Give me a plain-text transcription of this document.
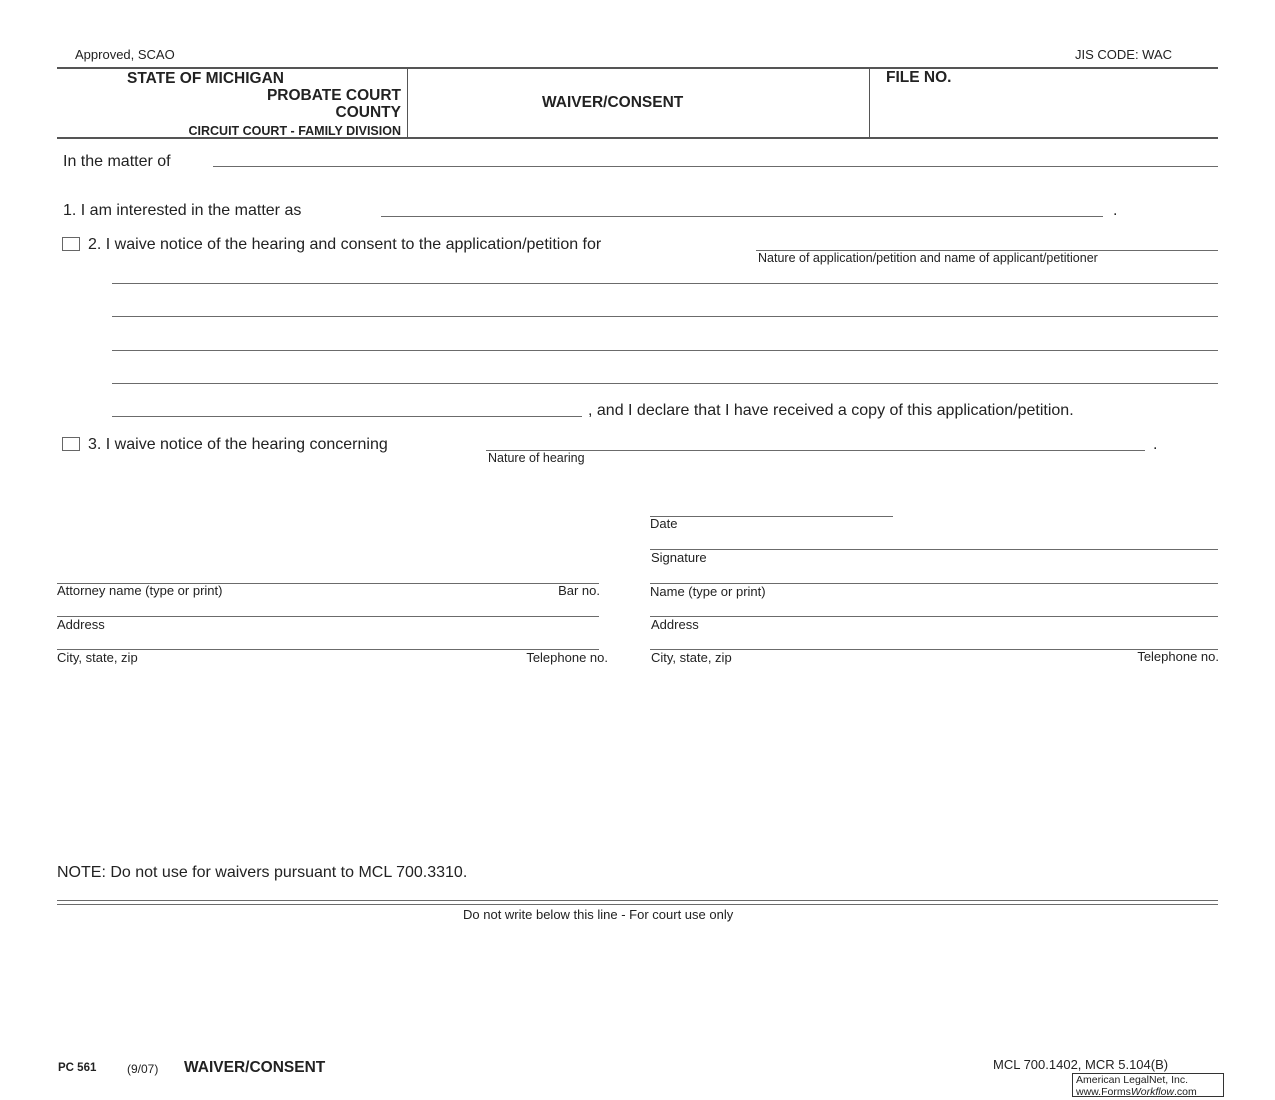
Approved, SCAO	JIS CODE: WAC
STATE OF MICHIGAN
PROBATE COURT
COUNTY
CIRCUIT COURT - FAMILY DIVISION
WAIVER/CONSENT
FILE NO.
In the matter of
1. I am interested in the matter as	.
2. I waive notice of the hearing and consent to the application/petition for
Nature of application/petition and name of applicant/petitioner
, and I declare that I have received a copy of this application/petition.
3. I waive notice of the hearing concerning
Nature of hearing
.
Date
Signature
Name (type or print)
Address
City, state, zip	Telephone no.
Attorney name (type or print)	Bar no.
Address
City, state, zip	Telephone no.
NOTE: Do not use for waivers pursuant to MCL 700.3310.
Do not write below this line - For court use only
PC 561	(9/07) WAIVER/CONSENT	MCL 700.1402, MCR 5.104(B)
American LegalNet, Inc.
www.FormsWorkflow.com
